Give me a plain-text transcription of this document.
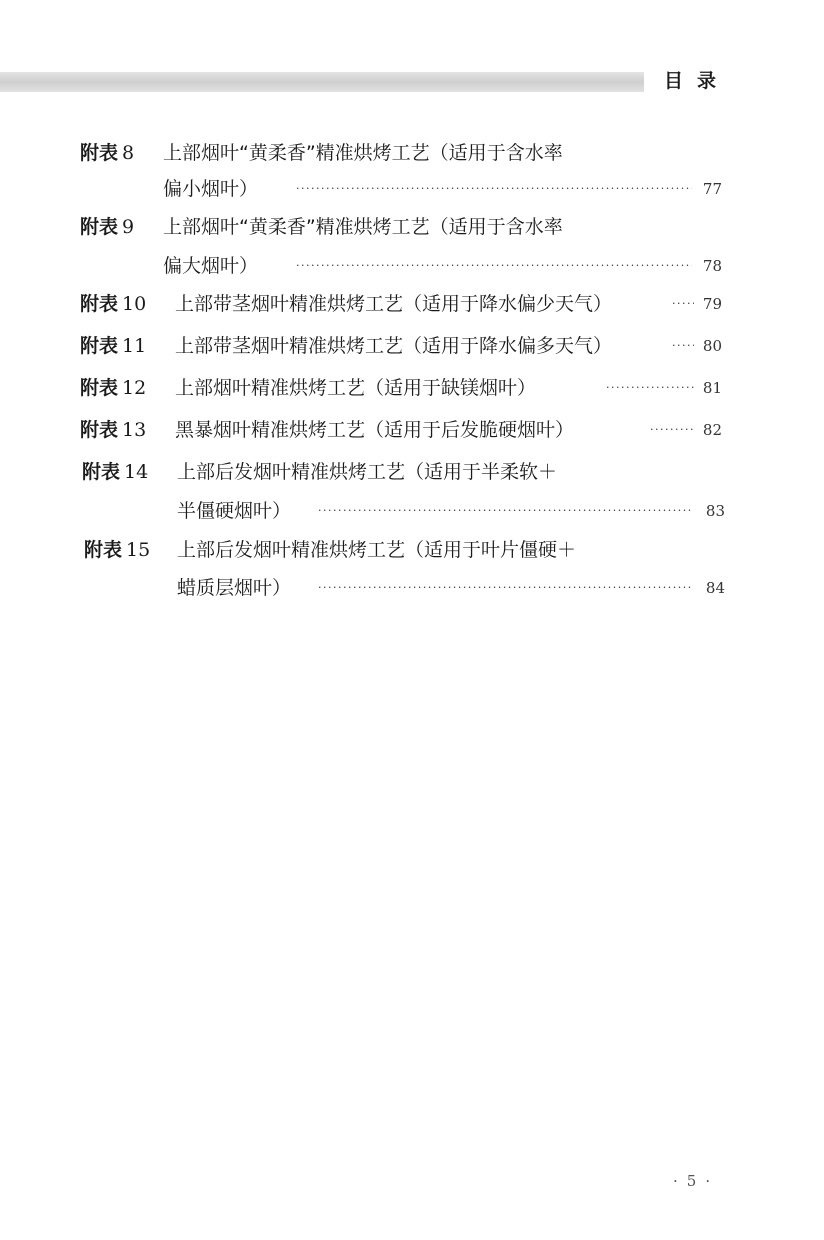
目录
附表 8 上部烟叶“黄柔香”精准烘烤工艺（适用于含水率
偏小烟叶） ·····	77
附表 9 上部烟叶“黄柔香”精准烘烤工艺（适用于含水率
偏大烟叶） ·····	78
附表 10 上部带茎烟叶精准烘烤工艺（适用于降水偏少天气） ·····	79
附表 11 上部带茎烟叶精准烘烤工艺（适用于降水偏多天气） ·····	80
附表 12 上部烟叶精准烘烤工艺（适用于缺镁烟叶） ·····	81
附表 13 黑暴烟叶精准烘烤工艺（适用于后发脆硬烟叶） ·····	82
附表 14 上部后发烟叶精准烘烤工艺（适用于半柔软＋
半僵硬烟叶） ·····	83
附表 15 上部后发烟叶精准烘烤工艺（适用于叶片僵硬＋
蜡质层烟叶） ·····	84
· 5 ·
